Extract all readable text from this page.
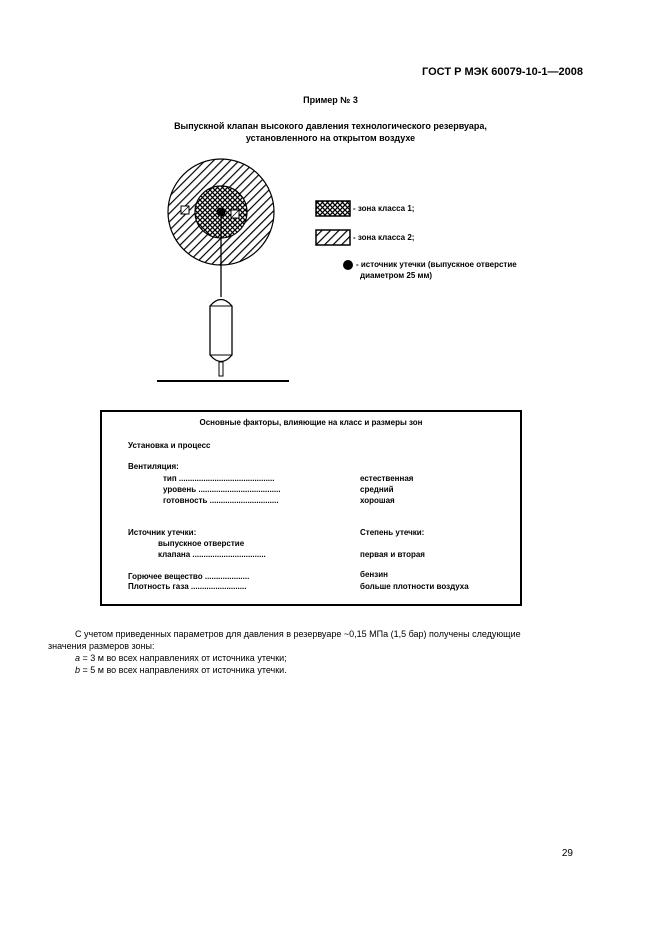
ГОСТ Р МЭК 60079-10-1—2008
Пример № 3
Выпускной клапан высокого давления технологического резервуара,
установленного на открытом воздухе
- зона класса 1;
- зона класса 2;
- источник утечки (выпускное отверстие
диаметром 25 мм)
Основные факторы, влияющие на класс и размеры зон
Установка и процесс
Вентиляция:
тип ...........................................	естественная
уровень .....................................	средний
готовность ...............................	хорошая
Источник утечки:	Степень утечки:
выпускное отверстие
клапана .................................	первая и вторая
Горючее вещество ....................	бензин
Плотность газа .........................	больше плотности воздуха

С учетом приведенных параметров для давления в резервуаре ~0,15 МПа (1,5 бар) получены следующие

значения размеров зоны:

a = 3 м во всех направлениях от источника утечки;

b = 5 м во всех направлениях от источника утечки.

29
